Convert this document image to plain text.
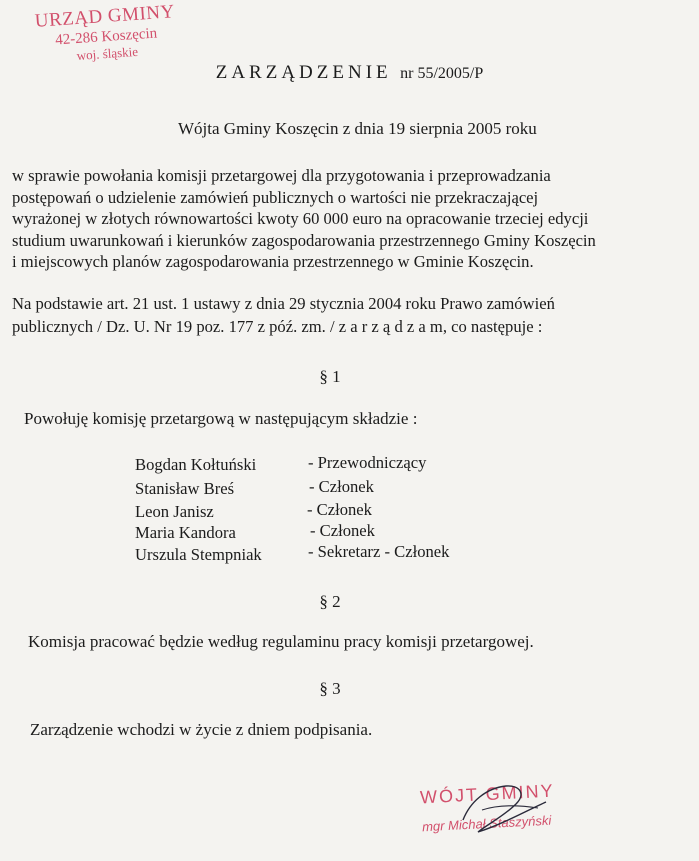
URZĄD GMINY
42-286 Koszęcin
woj. śląskie
ZARZĄDZENIE nr 55/2005/P
Wójta Gminy Koszęcin z dnia 19 sierpnia 2005 roku
w sprawie powołania komisji przetargowej dla przygotowania i przeprowadzania
postępowań o udzielenie zamówień publicznych o wartości nie przekraczającej
wyrażonej w złotych równowartości kwoty 60 000 euro na opracowanie trzeciej edycji
studium uwarunkowań i kierunków zagospodarowania przestrzennego Gminy Koszęcin
i miejscowych planów zagospodarowania przestrzennego w Gminie Koszęcin.
Na podstawie art. 21 ust. 1 ustawy z dnia 29 stycznia 2004 roku Prawo zamówień
publicznych / Dz. U. Nr 19 poz. 177 z póź. zm. / z a r z ą d z a m, co następuje :
§ 1
Powołuję komisję przetargową w następującym składzie :
Bogdan Kołtuński	- Przewodniczący
Stanisław Breś	- Członek
Leon Janisz	- Członek
Maria Kandora	- Członek
Urszula Stempniak	- Sekretarz - Członek
§ 2
Komisja pracować będzie według regulaminu pracy komisji przetargowej.
§ 3
Zarządzenie wchodzi w życie z dniem podpisania.
WÓJT GMINY
mgr Michał Staszyński
